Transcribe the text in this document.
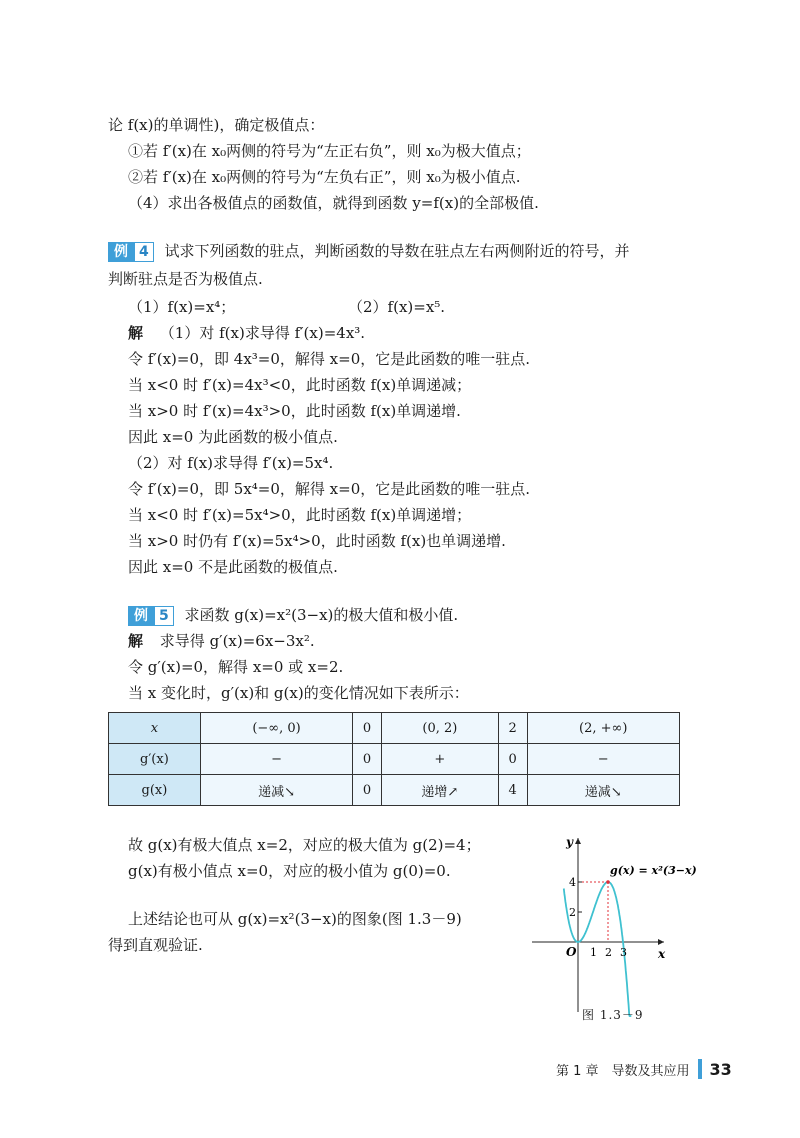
论 f(x)的单调性)，确定极值点：
①若 f′(x)在 x₀两侧的符号为“左正右负”，则 x₀为极大值点；
②若 f′(x)在 x₀两侧的符号为“左负右正”，则 x₀为极小值点.
（4）求出各极值点的函数值，就得到函数 y=f(x)的全部极值.
例 4 试求下列函数的驻点，判断函数的导数在驻点左右两侧附近的符号，并
判断驻点是否为极值点.
（1）f(x)=x⁴；	（2）f(x)=x⁵.
解 （1）对 f(x)求导得 f′(x)=4x³.
令 f′(x)=0，即 4x³=0，解得 x=0，它是此函数的唯一驻点.
当 x<0 时 f′(x)=4x³<0，此时函数 f(x)单调递减；
当 x>0 时 f′(x)=4x³>0，此时函数 f(x)单调递增.
因此 x=0 为此函数的极小值点.
（2）对 f(x)求导得 f′(x)=5x⁴.
令 f′(x)=0，即 5x⁴=0，解得 x=0，它是此函数的唯一驻点.
当 x<0 时 f′(x)=5x⁴>0，此时函数 f(x)单调递增；
当 x>0 时仍有 f′(x)=5x⁴>0，此时函数 f(x)也单调递增.
因此 x=0 不是此函数的极值点.
例 5 求函数 g(x)=x²(3−x)的极大值和极小值.
解 求导得 g′(x)=6x−3x².
令 g′(x)=0，解得 x=0 或 x=2.
当 x 变化时，g′(x)和 g(x)的变化情况如下表所示：
x	(−∞, 0)	0	(0, 2)	2	(2, +∞)
g′(x)	−	0	+	0	−
g(x)	递减↘	0	递增↗	4	递减↘
故 g(x)有极大值点 x=2，对应的极大值为 g(2)=4；
g(x)有极小值点 x=0，对应的极小值为 g(0)=0.
上述结论也可从 g(x)=x²(3−x)的图象(图 1.3－9)
得到直观验证.
y
x
O 1 2 3
2
4
g(x) = x²(3−x)
图 1.3－9
第 1 章　导数及其应用 33
